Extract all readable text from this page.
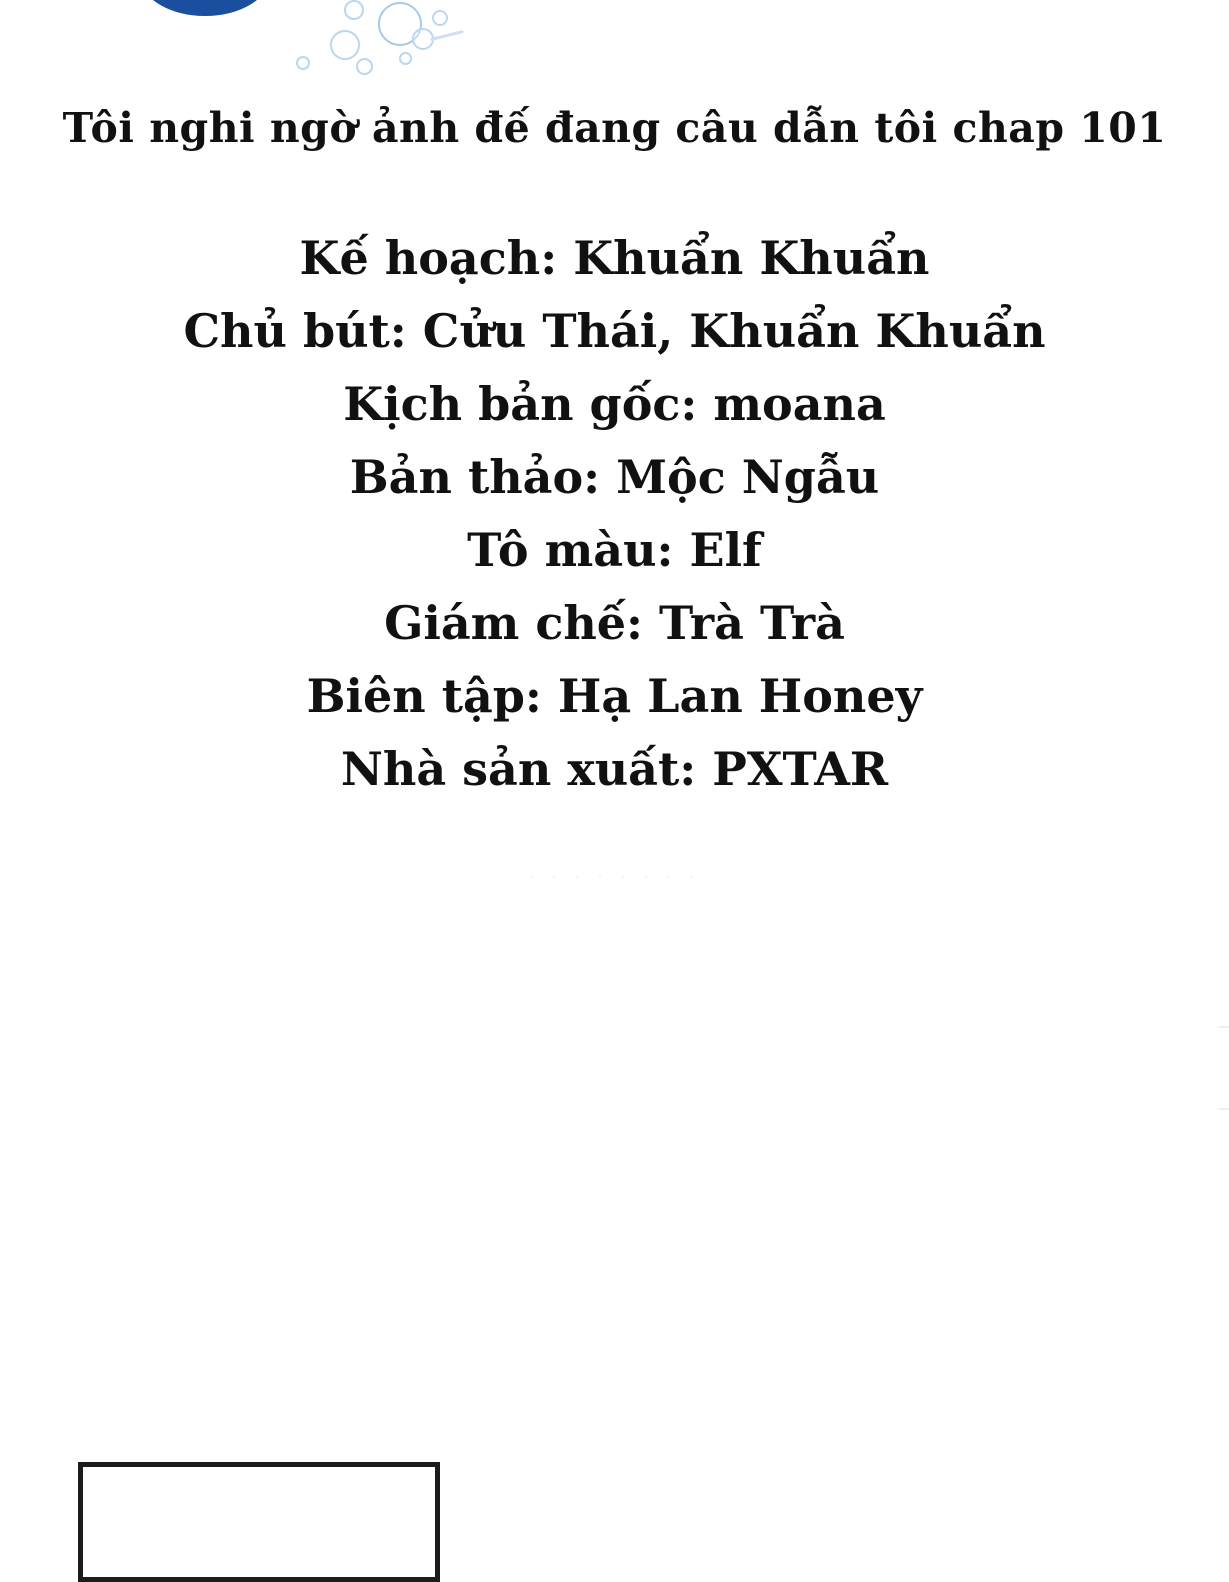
Tôi nghi ngờ ảnh đế đang câu dẫn tôi chap 101
Kế hoạch: Khuẩn Khuẩn
Chủ bút: Cửu Thái, Khuẩn Khuẩn
Kịch bản gốc: moana
Bản thảo: Mộc Ngẫu
Tô màu: Elf
Giám chế: Trà Trà
Biên tập: Hạ Lan Honey
Nhà sản xuất: PXTAR
· · · · · · · ·
